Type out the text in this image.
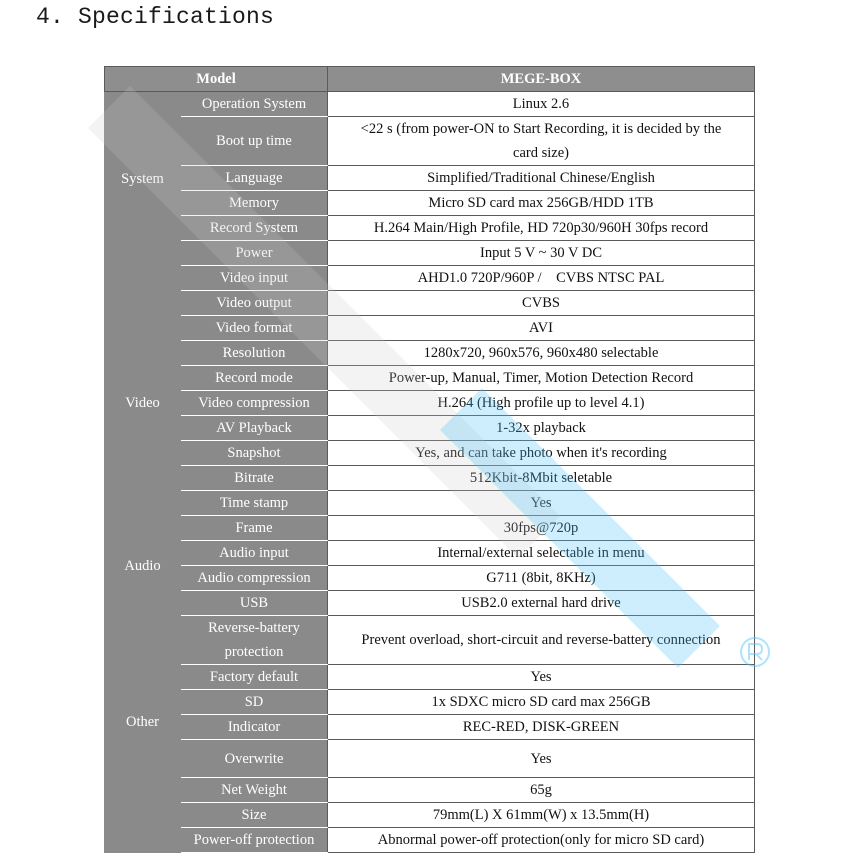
4. Specifications
Model		MEGE-BOX
System	Operation System	Linux 2.6
	Boot up time	<22 s (from power-ON to Start Recording, it is decided by the card size)
	Language	Simplified/Traditional Chinese/English
	Memory	Micro SD card max 256GB/HDD 1TB
	Record System	H.264 Main/High Profile, HD 720p30/960H 30fps record
	Power	Input 5 V ~ 30 V DC
Video	Video input	AHD1.0 720P/960P /    CVBS NTSC PAL
	Video output	CVBS
	Video format	AVI
	Resolution	1280x720, 960x576, 960x480 selectable
	Record mode	Power-up, Manual, Timer, Motion Detection Record
	Video compression	H.264 (High profile up to level 4.1)
	AV Playback	1-32x playback
	Snapshot	Yes, and can take photo when it's recording
	Bitrate	512Kbit-8Mbit seletable
	Time stamp	Yes
	Frame	30fps@720p
Audio	Audio input	Internal/external selectable in menu
	Audio compression	G711 (8bit, 8KHz)
Other	USB	USB2.0 external hard drive
	Reverse-battery protection	Prevent overload, short-circuit and reverse-battery connection
	Factory default	Yes
	SD	1x SDXC micro SD card max 256GB
	Indicator	REC-RED, DISK-GREEN
	Overwrite	Yes
	Net Weight	65g
	Size	79mm(L) X 61mm(W) x 13.5mm(H)
	Power-off protection	Abnormal power-off protection(only for micro SD card)
